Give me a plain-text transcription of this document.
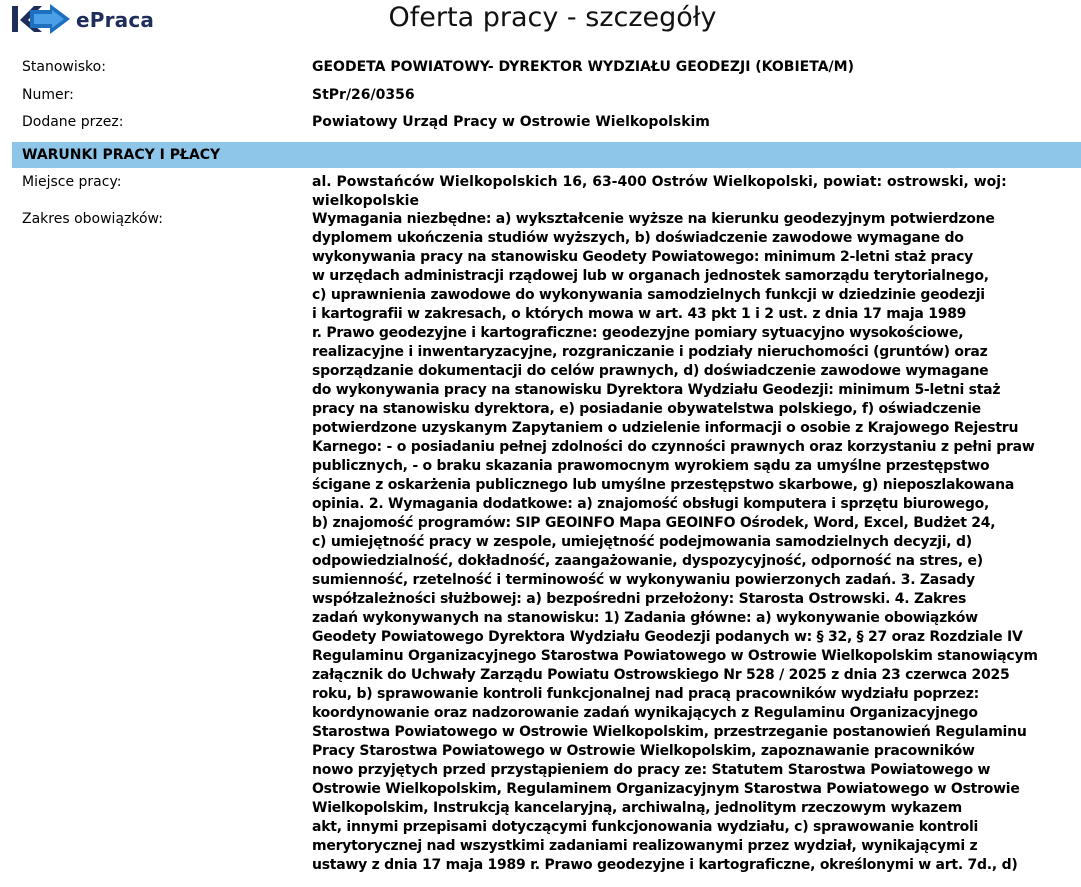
ePraca	Oferta pracy - szczegóły
Stanowisko:	GEODETA POWIATOWY- DYREKTOR WYDZIAŁU GEODEZJI (KOBIETA/M)
Numer:	StPr/26/0356
Dodane przez:	Powiatowy Urząd Pracy w Ostrowie Wielkopolskim
WARUNKI PRACY I PŁACY
Miejsce pracy:	al. Powstańców Wielkopolskich 16, 63-400 Ostrów Wielkopolski, powiat: ostrowski, woj:
wielkopolskie
Zakres obowiązków:	Wymagania niezbędne: a) wykształcenie wyższe na kierunku geodezyjnym potwierdzone
dyplomem ukończenia studiów wyższych, b) doświadczenie zawodowe wymagane do
wykonywania pracy na stanowisku Geodety Powiatowego: minimum 2-letni staż pracy
w urzędach administracji rządowej lub w organach jednostek samorządu terytorialnego,
c) uprawnienia zawodowe do wykonywania samodzielnych funkcji w dziedzinie geodezji
i kartografii w zakresach, o których mowa w art. 43 pkt 1 i 2 ust. z dnia 17 maja 1989
r. Prawo geodezyjne i kartograficzne: geodezyjne pomiary sytuacyjno wysokościowe,
realizacyjne i inwentaryzacyjne, rozgraniczanie i podziały nieruchomości (gruntów) oraz
sporządzanie dokumentacji do celów prawnych, d) doświadczenie zawodowe wymagane
do wykonywania pracy na stanowisku Dyrektora Wydziału Geodezji: minimum 5-letni staż
pracy na stanowisku dyrektora, e) posiadanie obywatelstwa polskiego, f) oświadczenie
potwierdzone uzyskanym Zapytaniem o udzielenie informacji o osobie z Krajowego Rejestru
Karnego: - o posiadaniu pełnej zdolności do czynności prawnych oraz korzystaniu z pełni praw
publicznych, - o braku skazania prawomocnym wyrokiem sądu za umyślne przestępstwo
ścigane z oskarżenia publicznego lub umyślne przestępstwo skarbowe, g) nieposzlakowana
opinia. 2. Wymagania dodatkowe: a) znajomość obsługi komputera i sprzętu biurowego,
b) znajomość programów: SIP GEOINFO Mapa GEOINFO Ośrodek, Word, Excel, Budżet 24,
c) umiejętność pracy w zespole, umiejętność podejmowania samodzielnych decyzji, d)
odpowiedzialność, dokładność, zaangażowanie, dyspozycyjność, odporność na stres, e)
sumienność, rzetelność i terminowość w wykonywaniu powierzonych zadań. 3. Zasady
współzależności służbowej: a) bezpośredni przełożony: Starosta Ostrowski. 4. Zakres
zadań wykonywanych na stanowisku: 1) Zadania główne: a) wykonywanie obowiązków
Geodety Powiatowego Dyrektora Wydziału Geodezji podanych w: § 32, § 27 oraz Rozdziale IV
Regulaminu Organizacyjnego Starostwa Powiatowego w Ostrowie Wielkopolskim stanowiącym
załącznik do Uchwały Zarządu Powiatu Ostrowskiego Nr 528 / 2025 z dnia 23 czerwca 2025
roku, b) sprawowanie kontroli funkcjonalnej nad pracą pracowników wydziału poprzez:
koordynowanie oraz nadzorowanie zadań wynikających z Regulaminu Organizacyjnego
Starostwa Powiatowego w Ostrowie Wielkopolskim, przestrzeganie postanowień Regulaminu
Pracy Starostwa Powiatowego w Ostrowie Wielkopolskim, zapoznawanie pracowników
nowo przyjętych przed przystąpieniem do pracy ze: Statutem Starostwa Powiatowego w
Ostrowie Wielkopolskim, Regulaminem Organizacyjnym Starostwa Powiatowego w Ostrowie
Wielkopolskim, Instrukcją kancelaryjną, archiwalną, jednolitym rzeczowym wykazem
akt, innymi przepisami dotyczącymi funkcjonowania wydziału, c) sprawowanie kontroli
merytorycznej nad wszystkimi zadaniami realizowanymi przez wydział, wynikającymi z
ustawy z dnia 17 maja 1989 r. Prawo geodezyjne i kartograficzne, określonymi w art. 7d., d)
